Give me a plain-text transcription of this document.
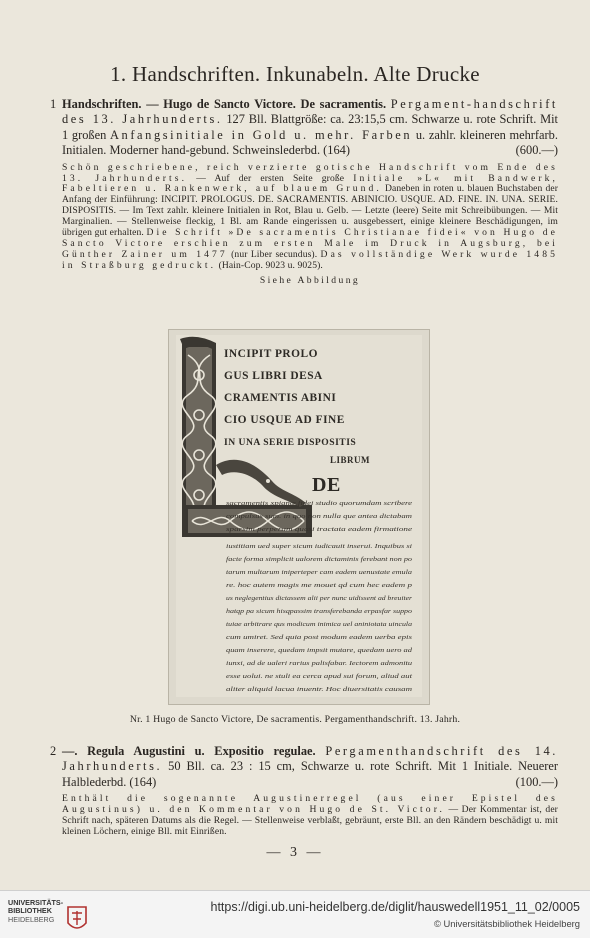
1. Handschriften. Inkunabeln. Alte Drucke
1 Handschriften. — Hugo de Sancto Victore. De sacramentis. Pergament-handschrift des 13. Jahrhunderts. 127 Bll. Blattgröße: ca. 23:15,5 cm. Schwarze u. rote Schrift. Mit 1 großen Anfangsinitiale in Gold u. mehr. Farben u. zahlr. kleineren mehrfarb. Initialen. Moderner hand-gebund. Schweinslederbd. (164)	(600.—)
Schön geschriebene, reich verzierte gotische Handschrift vom Ende des 13. Jahrhunderts. — Auf der ersten Seite große Initiale »L« mit Bandwerk, Fabeltieren u. Rankenwerk, auf blauem Grund. Daneben in roten u. blauen Buchstaben der Anfang der Einführung: INCIPIT. PROLOGUS. DE. SACRAMENTIS. ABINICIO. USQUE. AD. FINE. IN. UNA. SERIE. DISPOSITIS. — Im Text zahlr. kleinere Initialen in Rot, Blau u. Gelb. — Letzte (leere) Seite mit Schreibübungen. — Mit Marginalien. — Stellenweise fleckig, 1 Bl. am Rande eingerissen u. ausgebessert, einige kleinere Beschädigungen, im übrigen gut erhalten. Die Schrift »De sacramentis Christianae fidei« von Hugo de Sancto Victore erschien zum ersten Male im Druck in Augsburg, bei Günther Zainer um 1477 (nur Liber secundus). Das vollständige Werk wurde 1485 in Straßburg gedruckt. (Hain-Cop. 9023 u. 9025).
Siehe Abbildung
INCIPIT PROLO
GUS LIBRI DESA
CRAMENTIS ABINI
CIO USQUE AD FINE
IN UNA SERIE DISPOSITIS
LIBRUM
DE
sacramentis xpianæ fidei studio quorumdam scribere
compulsus sum. in quo non nulla que antea dictabam
sparsim perperam quasi tractata eadem firmatione
iustitiam ued super sicum iudicauit inserui. Inquibus si
facte forma simplicit ualorem dictaminis ferebant non po
tarum multarum iniperteper cam eadem uenustate emula
re. hoc autem magis me mouet qd cum hec eadem p
us neglegentius dictassem alii per nunc uidissent ad breuiter
hatqp pa sicum hisqpassim transferebanda erpasfar suppo
tuiae arbitrare qus modicum inimica uel aniniotata uincula
cum umiret. Sed quia post modum eadem uerba epis
quam inserere, quedam impsit mutare, quedam uero ad
iunxi, ad de ualeri rarius palisfabar. Iectorem admonitu
esse uolui. ne stuli ea cerca apud sui forum, aliud aut
aliter aliquid lacua inuentr. Hoc diuersitatis causam
Nr. 1 Hugo de Sancto Victore, De sacramentis. Pergamenthandschrift. 13. Jahrh.
2 —. Regula Augustini u. Expositio regulae. Pergamenthandschrift des 14. Jahrhunderts. 50 Bll. ca. 23 : 15 cm, Schwarze u. rote Schrift. Mit 1 Initiale. Neuerer Halblederbd. (164)	(100.—)
Enthält die sogenannte Augustinerregel (aus einer Epistel des Augustinus) u. den Kommentar von Hugo de St. Victor. — Der Kommentar ist, der Schrift nach, späteren Datums als die Regel. — Stellenweise verblaßt, gebräunt, erste Bll. an den Rändern beschädigt u. mit kleinen Löchern, einige Bll. mit Einrißen.
— 3 —
UNIVERSITÄTS-
BIBLIOTHEK
HEIDELBERG
https://digi.ub.uni-heidelberg.de/diglit/hauswedell1951_11_02/0005
© Universitätsbibliothek Heidelberg
